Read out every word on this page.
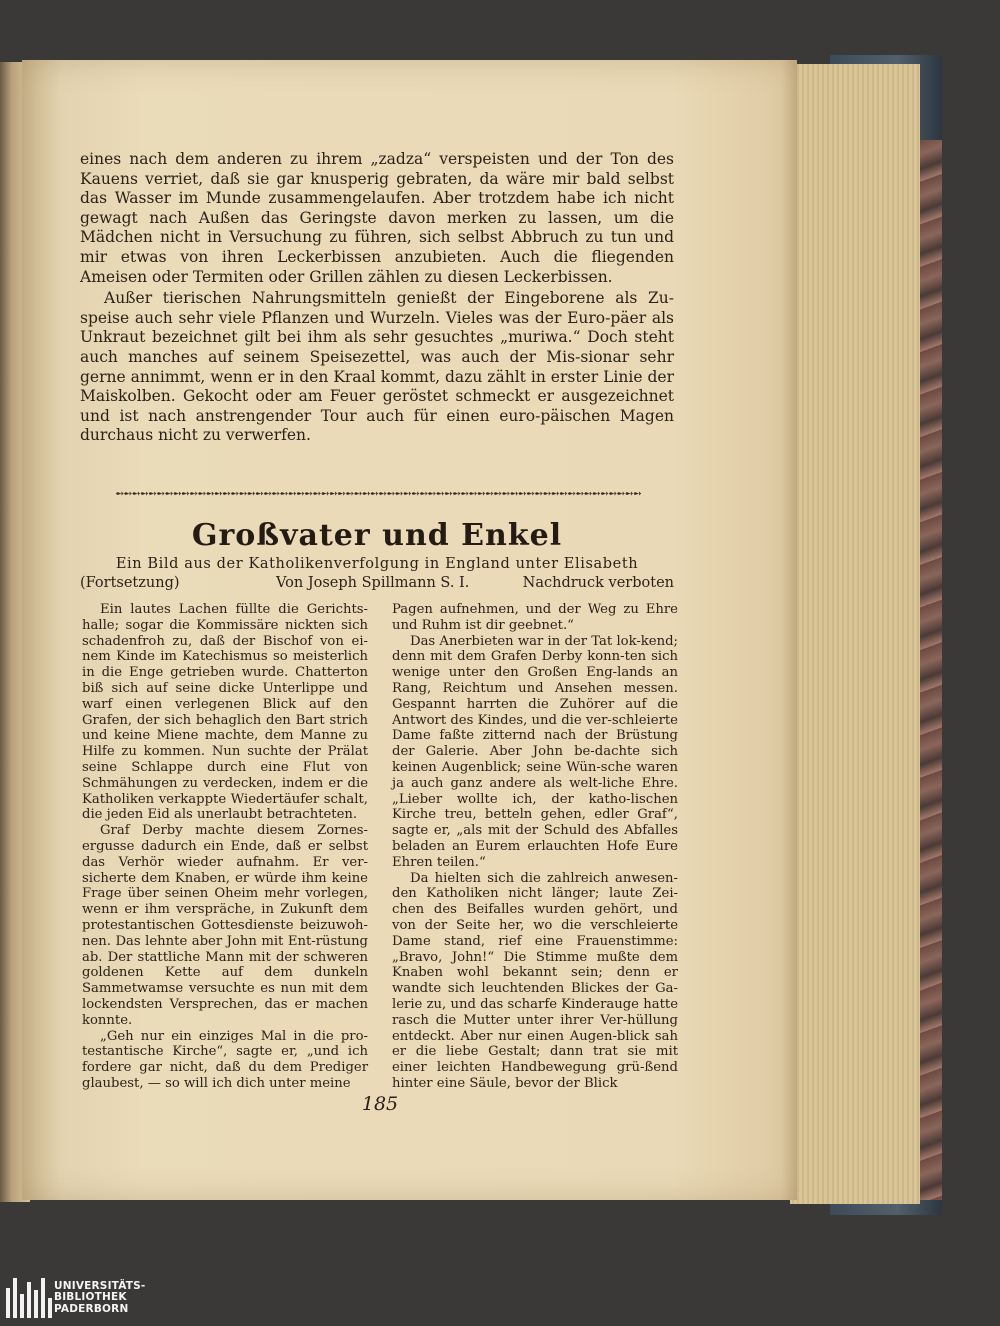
eines nach dem anderen zu ihrem „zadza“ verspeisten und der Ton des Kauens verriet, daß sie gar knusperig gebraten, da wäre mir bald selbst das Wasser im Munde zusammengelaufen. Aber trotzdem habe ich nicht gewagt nach Außen das Geringste davon merken zu lassen, um die Mädchen nicht in Versuchung zu führen, sich selbst Abbruch zu tun und mir etwas von ihren Leckerbissen anzubieten. Auch die fliegenden Ameisen oder Termiten oder Grillen zählen zu diesen Leckerbissen.

Außer tierischen Nahrungsmitteln genießt der Eingeborene als Zu-speise auch sehr viele Pflanzen und Wurzeln. Vieles was der Euro-päer als Unkraut bezeichnet gilt bei ihm als sehr gesuchtes „muriwa.“ Doch steht auch manches auf seinem Speisezettel, was auch der Mis-sionar sehr gerne annimmt, wenn er in den Kraal kommt, dazu zählt in erster Linie der Maiskolben. Gekocht oder am Feuer geröstet schmeckt er ausgezeichnet und ist nach anstrengender Tour auch für einen euro-päischen Magen durchaus nicht zu verwerfen.

➻➻➻➻➻➻➻➻➻➻➻➻➻➻➻➻➻➻➻➻➻➻➻➻➻➻➻➻➻➻➻➻➻➻➻➻➻➻➻➻➻➻➻➻➻➻➻➻➻➻➻➻➻➻➻➻➻➻➻➻➻➻➻➻
Großvater und Enkel
Ein Bild aus der Katholikenverfolgung in England unter Elisabeth
(Fortsetzung)	Von Joseph Spillmann S. I.	Nachdruck verboten

Ein lautes Lachen füllte die Gerichts-halle; sogar die Kommissäre nickten sich schadenfroh zu, daß der Bischof von ei-nem Kinde im Katechismus so meisterlich in die Enge getrieben wurde. Chatterton biß sich auf seine dicke Unterlippe und warf einen verlegenen Blick auf den Grafen, der sich behaglich den Bart strich und keine Miene machte, dem Manne zu Hilfe zu kommen. Nun suchte der Prälat seine Schlappe durch eine Flut von Schmähungen zu verdecken, indem er die Katholiken verkappte Wiedertäufer schalt, die jeden Eid als unerlaubt betrachteten.

Graf Derby machte diesem Zornes-ergusse dadurch ein Ende, daß er selbst das Verhör wieder aufnahm. Er ver-sicherte dem Knaben, er würde ihm keine Frage über seinen Oheim mehr vorlegen, wenn er ihm verspräche, in Zukunft dem protestantischen Gottesdienste beizuwoh-nen. Das lehnte aber John mit Ent-rüstung ab. Der stattliche Mann mit der schweren goldenen Kette auf dem dunkeln Sammetwamse versuchte es nun mit dem lockendsten Versprechen, das er machen konnte.

„Geh nur ein einziges Mal in die pro-testantische Kirche“, sagte er, „und ich fordere gar nicht, daß du dem Prediger glaubest, — so will ich dich unter meine

Pagen aufnehmen, und der Weg zu Ehre und Ruhm ist dir geebnet.“

Das Anerbieten war in der Tat lok-kend; denn mit dem Grafen Derby konn-ten sich wenige unter den Großen Eng-lands an Rang, Reichtum und Ansehen messen. Gespannt harrten die Zuhörer auf die Antwort des Kindes, und die ver-schleierte Dame faßte zitternd nach der Brüstung der Galerie. Aber John be-dachte sich keinen Augenblick; seine Wün-sche waren ja auch ganz andere als welt-liche Ehre. „Lieber wollte ich, der katho-lischen Kirche treu, betteln gehen, edler Graf“, sagte er, „als mit der Schuld des Abfalles beladen an Eurem erlauchten Hofe Eure Ehren teilen.“

Da hielten sich die zahlreich anwesen-den Katholiken nicht länger; laute Zei-chen des Beifalles wurden gehört, und von der Seite her, wo die verschleierte Dame stand, rief eine Frauenstimme: „Bravo, John!“ Die Stimme mußte dem Knaben wohl bekannt sein; denn er wandte sich leuchtenden Blickes der Ga-lerie zu, und das scharfe Kinderauge hatte rasch die Mutter unter ihrer Ver-hüllung entdeckt. Aber nur einen Augen-blick sah er die liebe Gestalt; dann trat sie mit einer leichten Handbewegung grü-ßend hinter eine Säule, bevor der Blick

185
UNIVERSITÄTS-
BIBLIOTHEK
PADERBORN
